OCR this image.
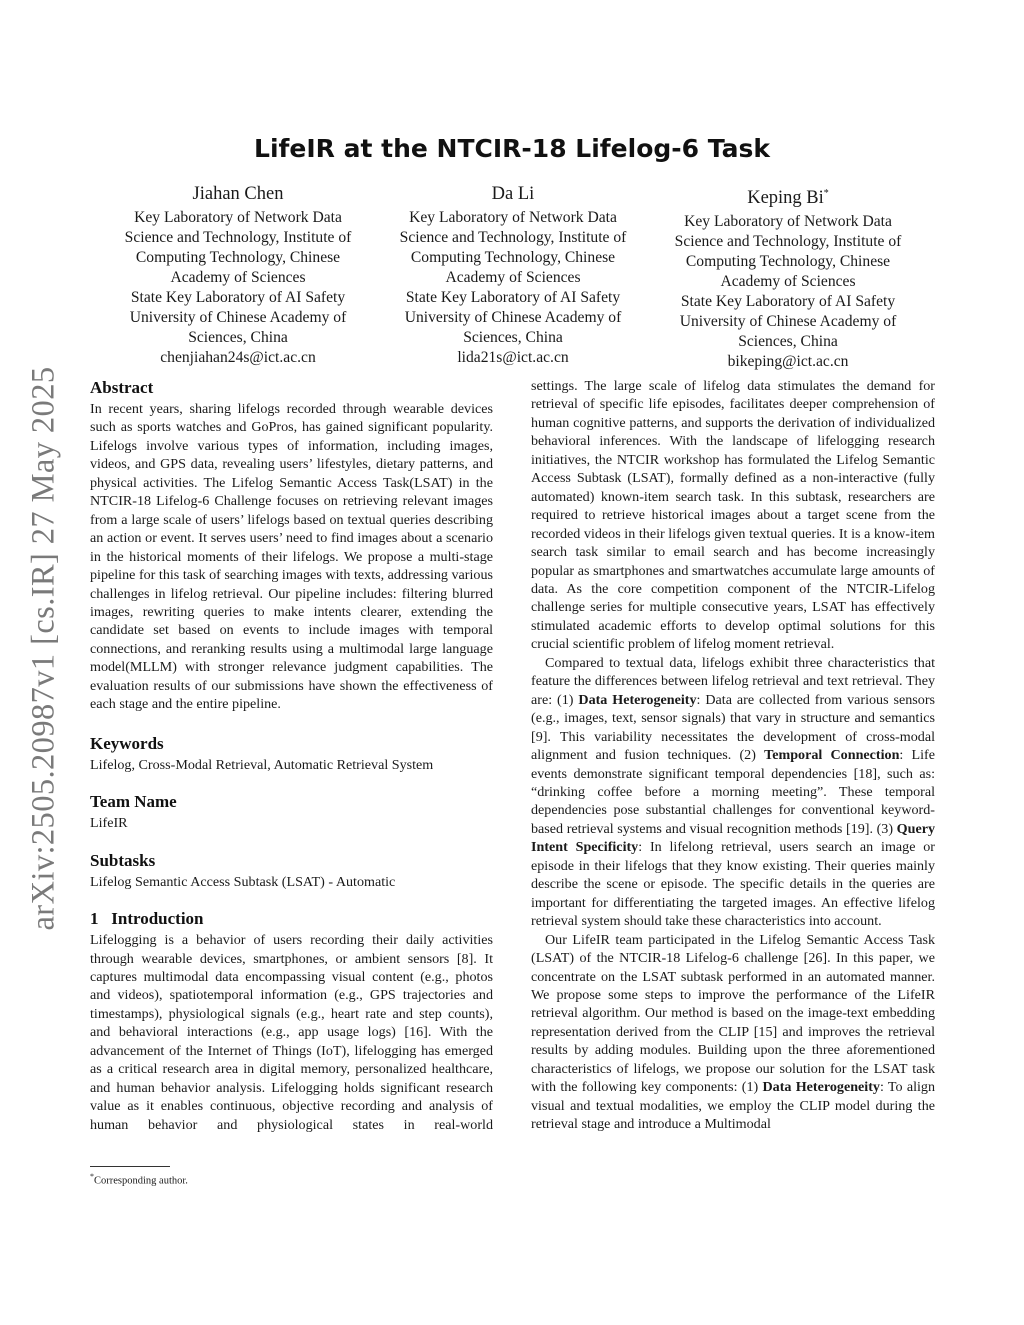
arXiv:2505.20987v1 [cs.IR] 27 May 2025
LifeIR at the NTCIR-18 Lifelog-6 Task
Jiahan Chen
Key Laboratory of Network Data
Science and Technology, Institute of
Computing Technology, Chinese
Academy of Sciences
State Key Laboratory of AI Safety
University of Chinese Academy of
Sciences, China
chenjiahan24s@ict.ac.cn
Da Li
Key Laboratory of Network Data
Science and Technology, Institute of
Computing Technology, Chinese
Academy of Sciences
State Key Laboratory of AI Safety
University of Chinese Academy of
Sciences, China
lida21s@ict.ac.cn
Keping Bi*
Key Laboratory of Network Data
Science and Technology, Institute of
Computing Technology, Chinese
Academy of Sciences
State Key Laboratory of AI Safety
University of Chinese Academy of
Sciences, China
bikeping@ict.ac.cn
Abstract

In recent years, sharing lifelogs recorded through wearable devices such as sports watches and GoPros, has gained significant popularity. Lifelogs involve various types of information, including images, videos, and GPS data, revealing users’ lifestyles, dietary patterns, and physical activities. The Lifelog Semantic Access Task(LSAT) in the NTCIR-18 Lifelog-6 Challenge focuses on retrieving relevant images from a large scale of users’ lifelogs based on textual queries describing an action or event. It serves users’ need to find images about a scenario in the historical moments of their lifelogs. We propose a multi-stage pipeline for this task of searching images with texts, addressing various challenges in lifelog retrieval. Our pipeline includes: filtering blurred images, rewriting queries to make intents clearer, extending the candidate set based on events to include images with temporal connections, and reranking results using a multimodal large language model(MLLM) with stronger relevance judgment capabilities. The evaluation results of our submissions have shown the effectiveness of each stage and the entire pipeline.

Keywords

Lifelog, Cross-Modal Retrieval, Automatic Retrieval System

Team Name

LifeIR

Subtasks

Lifelog Semantic Access Subtask (LSAT) - Automatic

1   Introduction

Lifelogging is a behavior of users recording their daily activities through wearable devices, smartphones, or ambient sensors [8]. It captures multimodal data encompassing visual content (e.g., photos and videos), spatiotemporal information (e.g., GPS trajectories and timestamps), physiological signals (e.g., heart rate and step counts), and behavioral interactions (e.g., app usage logs) [16]. With the advancement of the Internet of Things (IoT), lifelogging has emerged as a critical research area in digital memory, personalized healthcare, and human behavior analysis. Lifelogging holds significant research value as it enables continuous, objective recording and analysis of human behavior and physiological states in real-world

settings. The large scale of lifelog data stimulates the demand for retrieval of specific life episodes, facilitates deeper comprehension of human cognitive patterns, and supports the derivation of individualized behavioral inferences. With the landscape of lifelogging research initiatives, the NTCIR workshop has formulated the Lifelog Semantic Access Subtask (LSAT), formally defined as a non-interactive (fully automated) known-item search task. In this subtask, researchers are required to retrieve historical images about a target scene from the recorded videos in their lifelogs given textual queries. It is a know-item search task similar to email search and has become increasingly popular as smartphones and smartwatches accumulate large amounts of data. As the core competition component of the NTCIR-Lifelog challenge series for multiple consecutive years, LSAT has effectively stimulated academic efforts to develop optimal solutions for this crucial scientific problem of lifelog moment retrieval.

Compared to textual data, lifelogs exhibit three characteristics that feature the differences between lifelog retrieval and text retrieval. They are: (1) Data Heterogeneity: Data are collected from various sensors (e.g., images, text, sensor signals) that vary in structure and semantics [9]. This variability necessitates the development of cross-modal alignment and fusion techniques. (2) Temporal Connection: Life events demonstrate significant temporal dependencies [18], such as: “drinking coffee before a morning meeting”. These temporal dependencies pose substantial challenges for conventional keyword-based retrieval systems and visual recognition methods [19]. (3) Query Intent Specificity: In lifelong retrieval, users search an image or episode in their lifelogs that they know existing. Their queries mainly describe the scene or episode. The specific details in the queries are important for differentiating the targeted images. An effective lifelog retrieval system should take these characteristics into account.

Our LifeIR team participated in the Lifelog Semantic Access Task (LSAT) of the NTCIR-18 Lifelog-6 challenge [26]. In this paper, we concentrate on the LSAT subtask performed in an automated manner. We propose some steps to improve the performance of the LifeIR retrieval algorithm. Our method is based on the image-text embedding representation derived from the CLIP [15] and improves the retrieval results by adding modules. Building upon the three aforementioned characteristics of lifelogs, we propose our solution for the LSAT task with the following key components: (1) Data Heterogeneity: To align visual and textual modalities, we employ the CLIP model during the retrieval stage and introduce a Multimodal

*Corresponding author.
